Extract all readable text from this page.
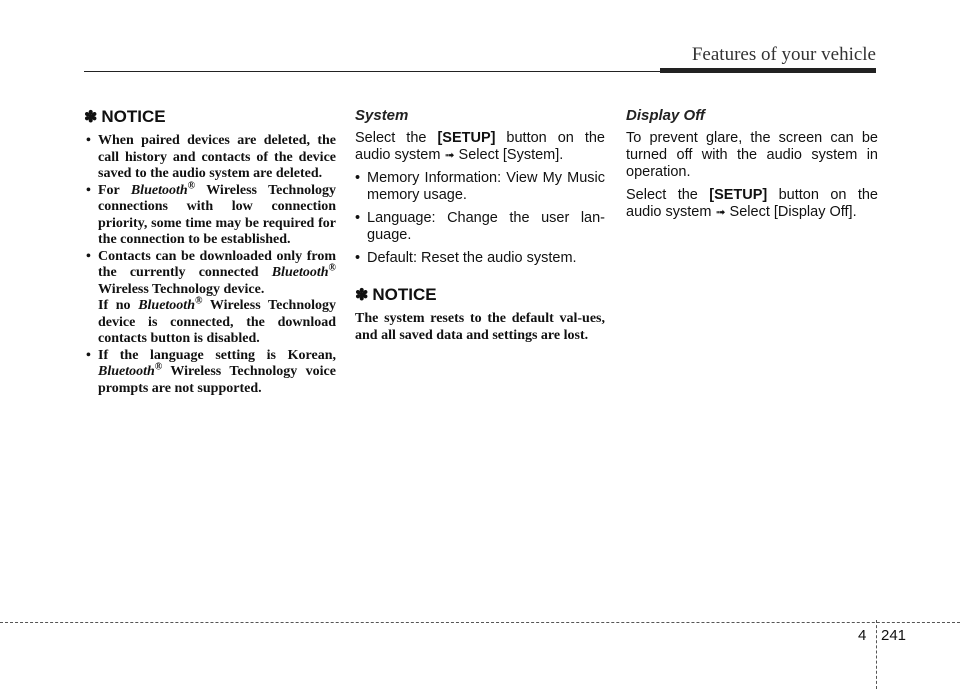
Features of your vehicle
✽ NOTICE
• When paired devices are deleted, the call history and contacts of the device saved to the audio system are deleted.
• For Bluetooth® Wireless Technology connections with low connection priority, some time may be required for the connection to be established.
• Contacts can be downloaded only from the currently connected Bluetooth® Wireless Technology device.
If no Bluetooth® Wireless Technology device is connected, the download contacts button is disabled.
• If the language setting is Korean, Bluetooth® Wireless Technology voice prompts are not supported.
System

Select the [SETUP] button on the audio system ➟ Select [System].

• Memory Information: View My Music memory usage.
• Language: Change the user lan-guage.
• Default: Reset the audio system.
✽ NOTICE

The system resets to the default val-ues, and all saved data and settings are lost.

Display Off

To prevent glare, the screen can be turned off with the audio system in operation.

Select the [SETUP] button on the audio system ➟ Select [Display Off].

4 241
